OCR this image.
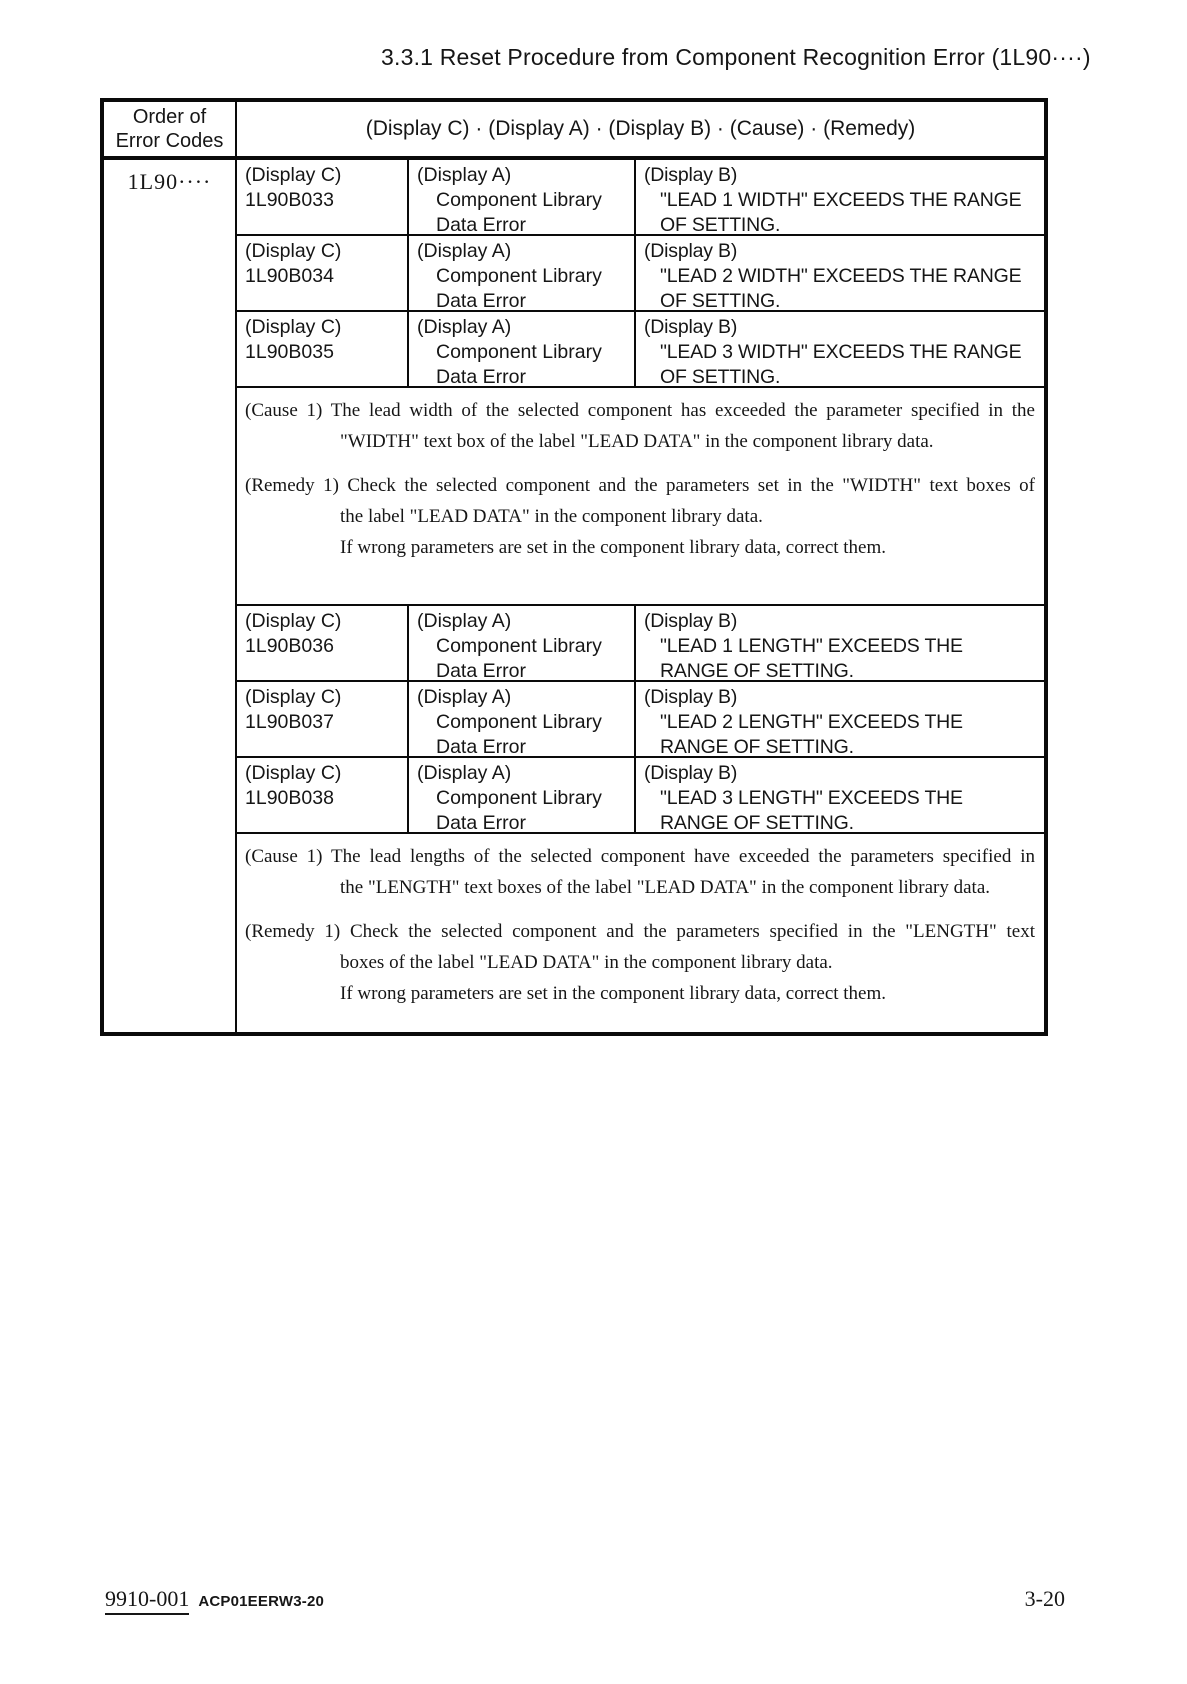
3.3.1 Reset Procedure from Component Recognition Error (1L90····)
Order of
Error Codes
(Display C) · (Display A) · (Display B) · (Cause) · (Remedy)
1L90····	(Display C)
1L90B033
(Display A)
Component Library
Data Error
(Display B)
"LEAD 1 WIDTH" EXCEEDS THE RANGE
OF SETTING.
(Display C)
1L90B034
(Display A)
Component Library
Data Error
(Display B)
"LEAD 2 WIDTH" EXCEEDS THE RANGE
OF SETTING.
(Display C)
1L90B035
(Display A)
Component Library
Data Error
(Display B)
"LEAD 3 WIDTH" EXCEEDS THE RANGE
OF SETTING.
(Cause 1) The lead width of the selected component has exceeded the parameter specified in the
"WIDTH" text box of the label "LEAD DATA" in the component library data.
(Remedy 1) Check the selected component and the parameters set in the "WIDTH" text boxes of
the label "LEAD DATA" in the component library data.
If wrong parameters are set in the component library data, correct them.
(Display C)
1L90B036
(Display A)
Component Library
Data Error
(Display B)
"LEAD 1 LENGTH" EXCEEDS THE
RANGE OF SETTING.
(Display C)
1L90B037
(Display A)
Component Library
Data Error
(Display B)
"LEAD 2 LENGTH" EXCEEDS THE
RANGE OF SETTING.
(Display C)
1L90B038
(Display A)
Component Library
Data Error
(Display B)
"LEAD 3 LENGTH" EXCEEDS THE
RANGE OF SETTING.
(Cause 1) The lead lengths of the selected component have exceeded the parameters specified in
the "LENGTH" text boxes of the label "LEAD DATA" in the component library data.
(Remedy 1) Check the selected component and the parameters specified in the "LENGTH" text
boxes of the label "LEAD DATA" in the component library data.
If wrong parameters are set in the component library data, correct them.
9910-001 ACP01EERW3-20	3-20
